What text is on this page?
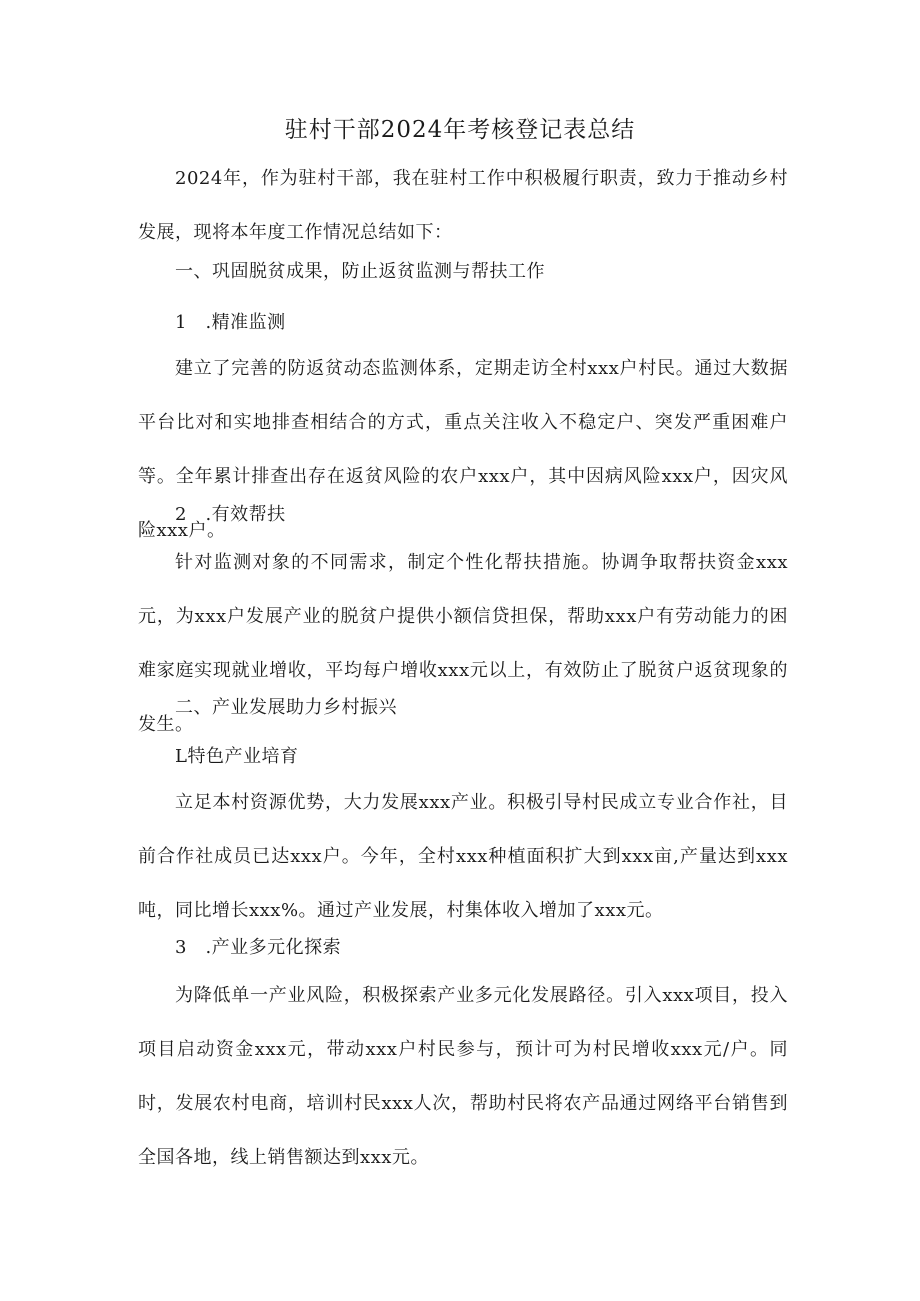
驻村干部2024年考核登记表总结

2024年，作为驻村干部，我在驻村工作中积极履行职责，致力于推动乡村发展，现将本年度工作情况总结如下：

一、巩固脱贫成果，防止返贫监测与帮扶工作
1　.精准监测

建立了完善的防返贫动态监测体系，定期走访全村xxx户村民。通过大数据平台比对和实地排查相结合的方式，重点关注收入不稳定户、突发严重困难户等。全年累计排查出存在返贫风险的农户xxx户，其中因病风险xxx户，因灾风险xxx户。

2　.有效帮扶

针对监测对象的不同需求，制定个性化帮扶措施。协调争取帮扶资金xxx元，为xxx户发展产业的脱贫户提供小额信贷担保，帮助xxx户有劳动能力的困难家庭实现就业增收，平均每户增收xxx元以上，有效防止了脱贫户返贫现象的发生。

二、产业发展助力乡村振兴
L特色产业培育

立足本村资源优势，大力发展xxx产业。积极引导村民成立专业合作社，目前合作社成员已达xxx户。今年，全村xxx种植面积扩大到xxx亩,产量达到xxx吨，同比增长xxx%。通过产业发展，村集体收入增加了xxx元。

3　.产业多元化探索

为降低单一产业风险，积极探索产业多元化发展路径。引入xxx项目，投入项目启动资金xxx元，带动xxx户村民参与，预计可为村民增收xxx元/户。同时，发展农村电商，培训村民xxx人次，帮助村民将农产品通过网络平台销售到全国各地，线上销售额达到xxx元。
